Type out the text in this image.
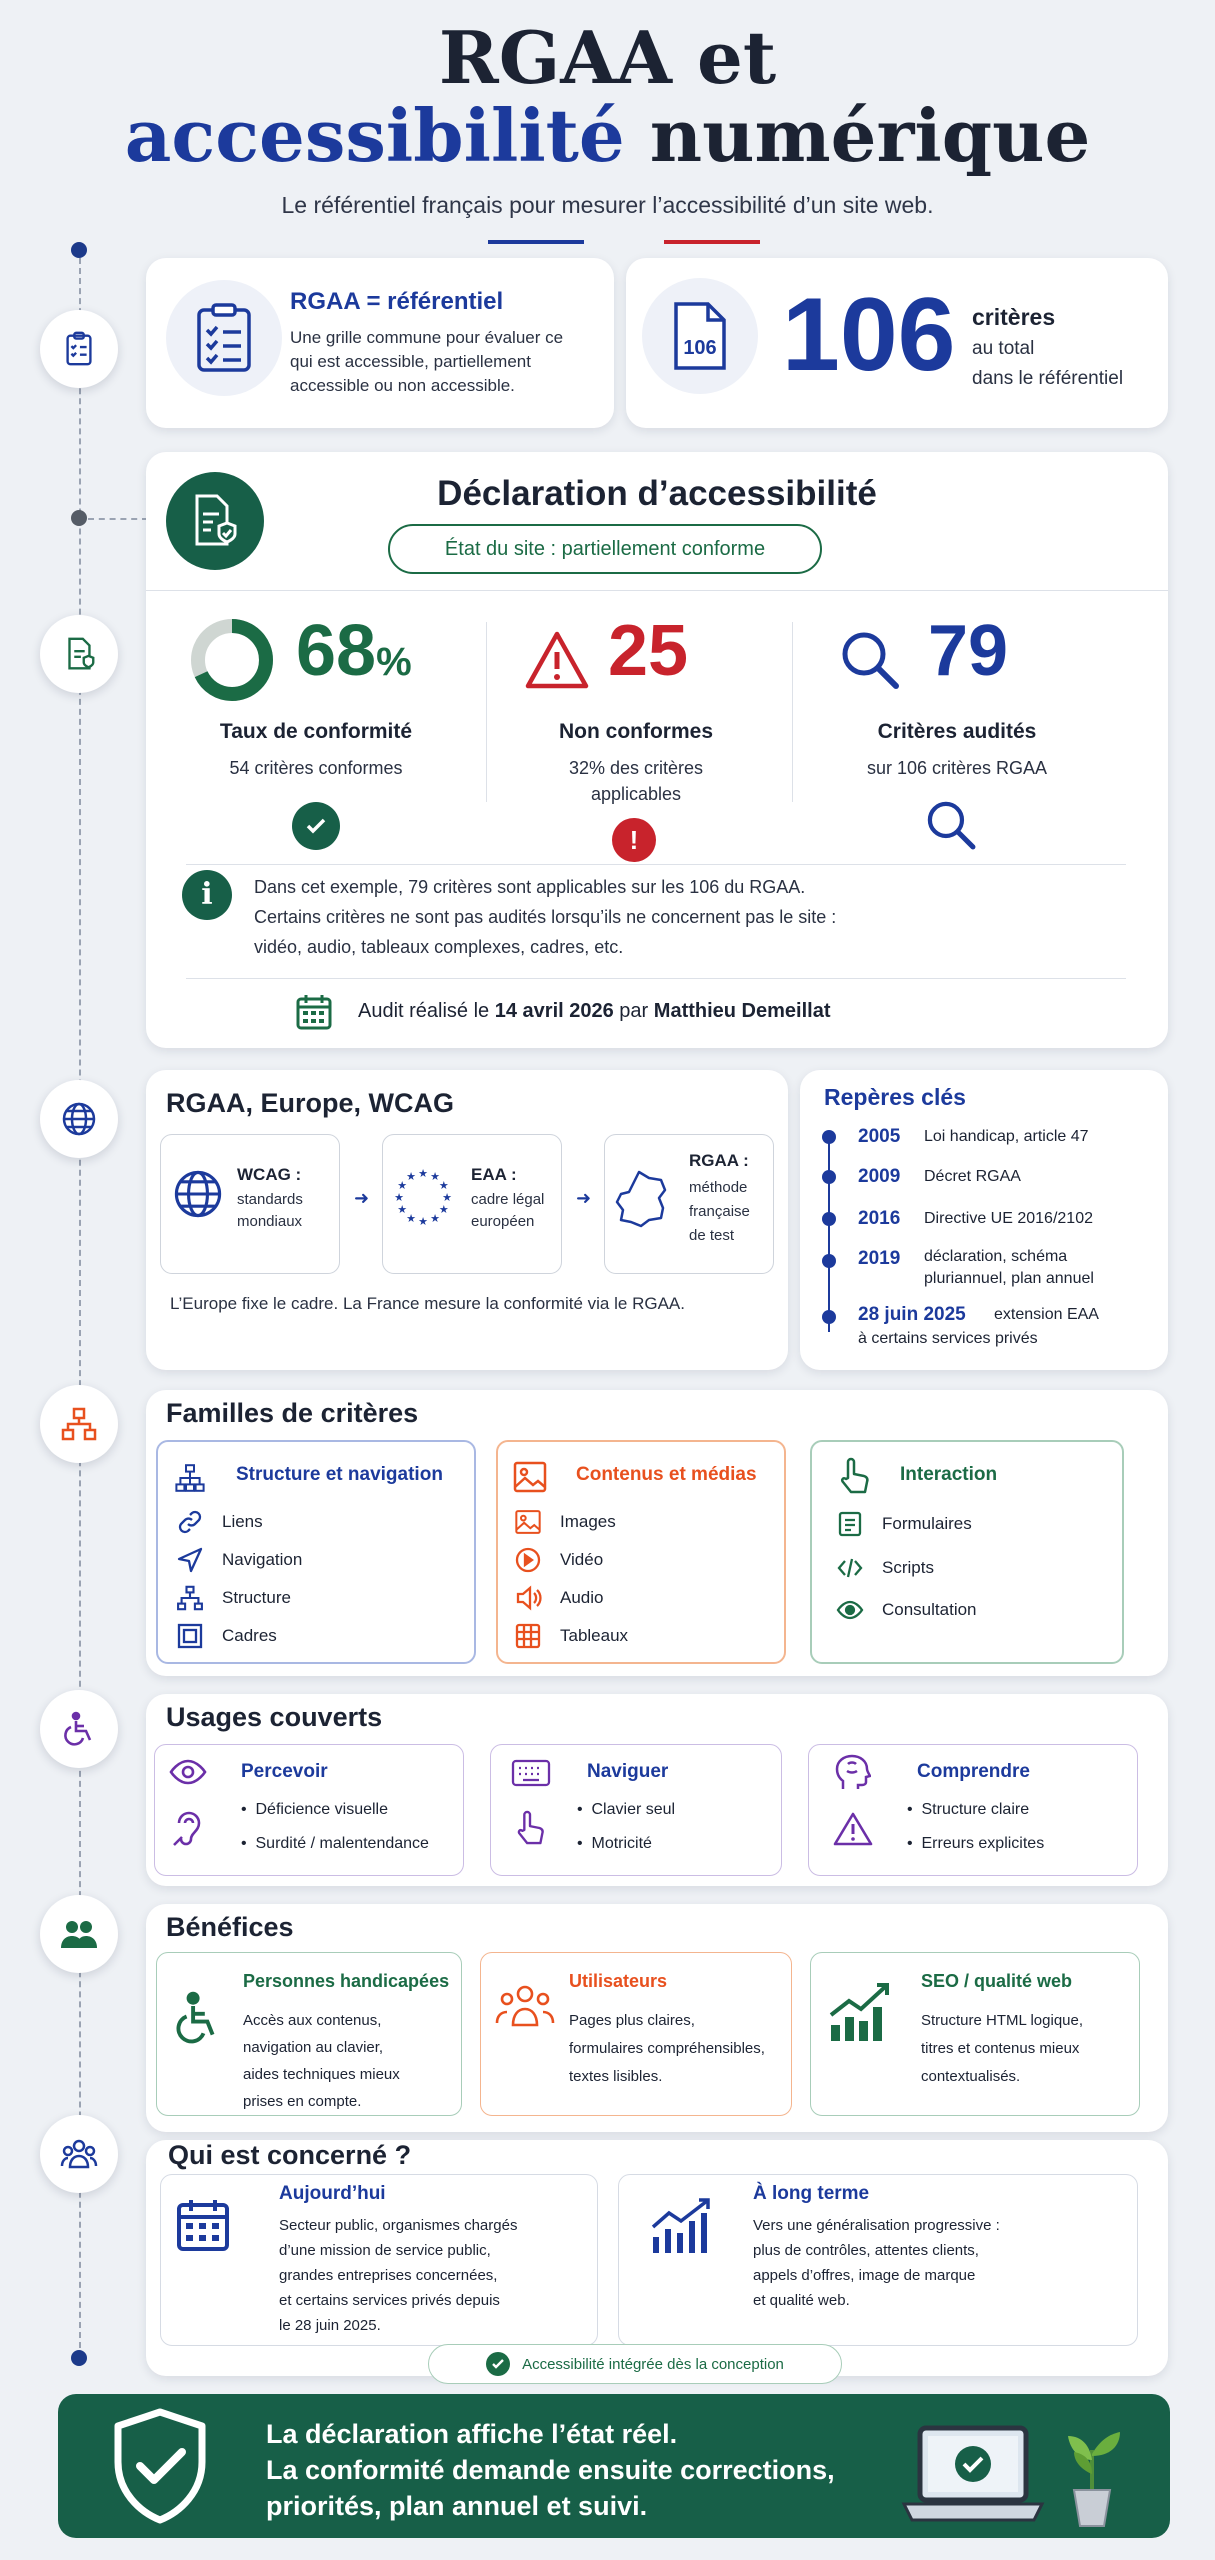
RGAA et
accessibilité numérique
Le référentiel français pour mesurer l’accessibilité d’un site web.
RGAA = référentiel
Une grille commune pour évaluer ce qui est accessible, partiellement accessible ou non accessible.
106 106 critères
au total
dans le référentiel
Déclaration d’accessibilité
État du site : partiellement conforme
68%
Taux de conformité
54 critères conformes
25
Non conformes
32% des critères
applicables
!
79
Critères audités
sur 106 critères RGAA
i	Dans cet exemple, 79 critères sont applicables sur les 106 du RGAA.
Certains critères ne sont pas audités lorsqu’ils ne concernent pas le site :
vidéo, audio, tableaux complexes, cadres, etc.
Audit réalisé le 14 avril 2026 par Matthieu Demeillat
RGAA, Europe, WCAG
WCAG :
standards
mondiaux
➜	★
★
★
★
★
★
★
★
★ ★ ★
★
EAA :
cadre légal
européen
➜
RGAA :
méthode
française
de test
L’Europe fixe le cadre. La France mesure la conformité via le RGAA.
Repères clés
2005 Loi handicap, article 47
2009 Décret RGAA
2016 Directive UE 2016/2102
2019 déclaration, schéma
pluriannuel, plan annuel
28 juin 2025 extension EAA
à certains services privés
Familles de critères
Structure et navigation
Liens
Navigation
Structure
Cadres
Contenus et médias
Images
Vidéo
Audio
Tableaux
Interaction
Formulaires
Scripts
Consultation
Usages couverts
Percevoir
•  Déficience visuelle
•  Surdité / malentendance
Naviguer
•  Clavier seul
•  Motricité
Comprendre
•  Structure claire
•  Erreurs explicites
Bénéfices
Personnes handicapées
Accès aux contenus,
navigation au clavier,
aides techniques mieux
prises en compte.
Utilisateurs
Pages plus claires,
formulaires compréhensibles,
textes lisibles.
SEO / qualité web
Structure HTML logique,
titres et contenus mieux
contextualisés.
Qui est concerné ?
Aujourd’hui
Secteur public, organismes chargés
d’une mission de service public,
grandes entreprises concernées,
et certains services privés depuis
le 28 juin 2025.
À long terme
Vers une généralisation progressive :
plus de contrôles, attentes clients,
appels d’offres, image de marque
et qualité web.
Accessibilité intégrée dès la conception
La déclaration affiche l’état réel.
La conformité demande ensuite corrections,
priorités, plan annuel et suivi.
